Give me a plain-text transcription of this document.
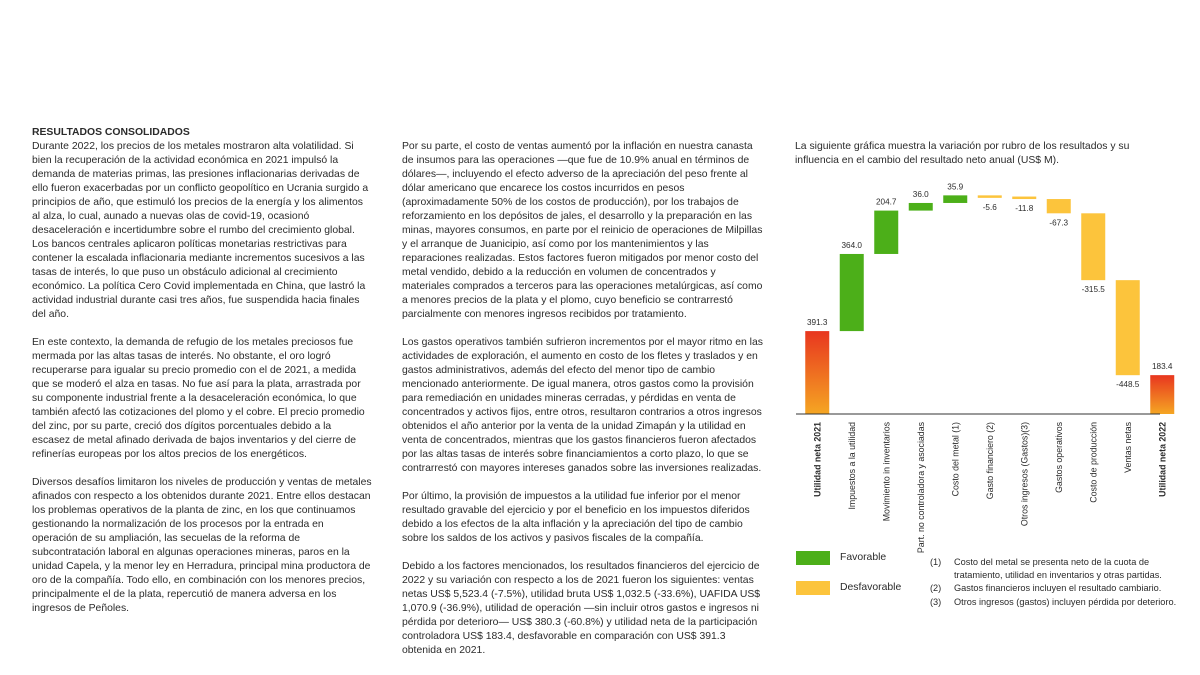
RESULTADOS CONSOLIDADOS

Durante 2022, los precios de los metales mostraron alta volatilidad. Si bien la recuperación de la actividad económica en 2021 impulsó la demanda de materias primas, las presiones inflacionarias derivadas de ello fueron exacerbadas por un conflicto geopolítico en Ucrania surgido a principios de año, que estimuló los precios de la energía y los alimentos al alza, lo cual, aunado a nuevas olas de covid-19, ocasionó desaceleración e incertidumbre sobre el rumbo del crecimiento global. Los bancos centrales aplicaron políticas monetarias restrictivas para contener la escalada inflacionaria mediante incrementos sucesivos a las tasas de interés, lo que puso un obstáculo adicional al crecimiento económico. La política Cero Covid implementada en China, que lastró la actividad industrial durante casi tres años, fue suspendida hacia finales del año.

En este contexto, la demanda de refugio de los metales preciosos fue mermada por las altas tasas de interés. No obstante, el oro logró recuperarse para igualar su precio promedio con el de 2021, a medida que se moderó el alza en tasas. No fue así para la plata, arrastrada por su componente industrial frente a la desaceleración económica, lo que también afectó las cotizaciones del plomo y el cobre. El precio promedio del zinc, por su parte, creció dos dígitos porcentuales debido a la escasez de metal afinado derivada de bajos inventarios y del cierre de refinerías europeas por los altos precios de los energéticos.

Diversos desafíos limitaron los niveles de producción y ventas de metales afinados con respecto a los obtenidos durante 2021. Entre ellos destacan los problemas operativos de la planta de zinc, en los que continuamos gestionando la normalización de los procesos por la entrada en operación de su ampliación, las secuelas de la reforma de subcontratación laboral en algunas operaciones mineras, paros en la unidad Capela, y la menor ley en Herradura, principal mina productora de oro de la compañía. Todo ello, en combinación con los menores precios, principalmente el de la plata, repercutió de manera adversa en los ingresos de Peñoles.

Por su parte, el costo de ventas aumentó por la inflación en nuestra canasta de insumos para las operaciones —que fue de 10.9% anual en términos de dólares—, incluyendo el efecto adverso de la apreciación del peso frente al dólar americano que encarece los costos incurridos en pesos (aproximadamente 50% de los costos de producción), por los trabajos de reforzamiento en los depósitos de jales, el desarrollo y la preparación en las minas, mayores consumos, en parte por el reinicio de operaciones de Milpillas y el arranque de Juanicipio, así como por los mantenimientos y las reparaciones realizadas. Estos factores fueron mitigados por menor costo del metal vendido, debido a la reducción en volumen de concentrados y materiales comprados a terceros para las operaciones metalúrgicas, así como a menores precios de la plata y el plomo, cuyo beneficio se contrarrestó parcialmente con menores ingresos recibidos por tratamiento.

Los gastos operativos también sufrieron incrementos por el mayor ritmo en las actividades de exploración, el aumento en costo de los fletes y traslados y en gastos administrativos, además del efecto del menor tipo de cambio mencionado anteriormente. De igual manera, otros gastos como la provisión para remediación en unidades mineras cerradas, y pérdidas en venta de concentrados y activos fijos, entre otros, resultaron contrarios a otros ingresos obtenidos el año anterior por la venta de la unidad Zimapán y la utilidad en venta de concentrados, mientras que los gastos financieros fueron afectados por las altas tasas de interés sobre financiamientos a corto plazo, lo que se contrarrestó con mayores intereses ganados sobre las inversiones realizadas.

Por último, la provisión de impuestos a la utilidad fue inferior por el menor resultado gravable del ejercicio y por el beneficio en los impuestos diferidos debido a los efectos de la alta inflación y la apreciación del tipo de cambio sobre los saldos de los activos y pasivos fiscales de la compañía.

Debido a los factores mencionados, los resultados financieros del ejercicio de 2022 y su variación con respecto a los de 2021 fueron los siguientes: ventas netas US$ 5,523.4 (-7.5%), utilidad bruta US$ 1,032.5 (-33.6%), UAFIDA US$ 1,070.9 (-36.9%), utilidad de operación —sin incluir otros gastos e ingresos ni pérdida por deterioro— US$ 380.3 (-60.8%) y utilidad neta de la participación controladora US$ 183.4, desfavorable en comparación con US$ 391.3 obtenida en 2021.

La siguiente gráfica muestra la variación por rubro de los resultados y su influencia en el cambio del resultado neto anual (US$ M).
391.3
364.0
204.7
36.0
35.9
-5.6 -11.8
-67.3
-315.5
-448.5
183.4
Utilidad neta 2021	Impuestos a la utilidad	Movimiento in inventarios	Part. no controladora y asociadas	Costo del metal (1)	Gasto financiero (2)	Otros ingresos (Gastos)(3)	Gastos operativos	Costo de producción	Ventas netas	Utilidad neta 2022
Favorable
Desfavorable
(1) Costo del metal se presenta neto de la cuota de tratamiento, utilidad en inventarios y otras partidas.
(2) Gastos financieros incluyen el resultado cambiario.
(3) Otros ingresos (gastos) incluyen pérdida por deterioro.
